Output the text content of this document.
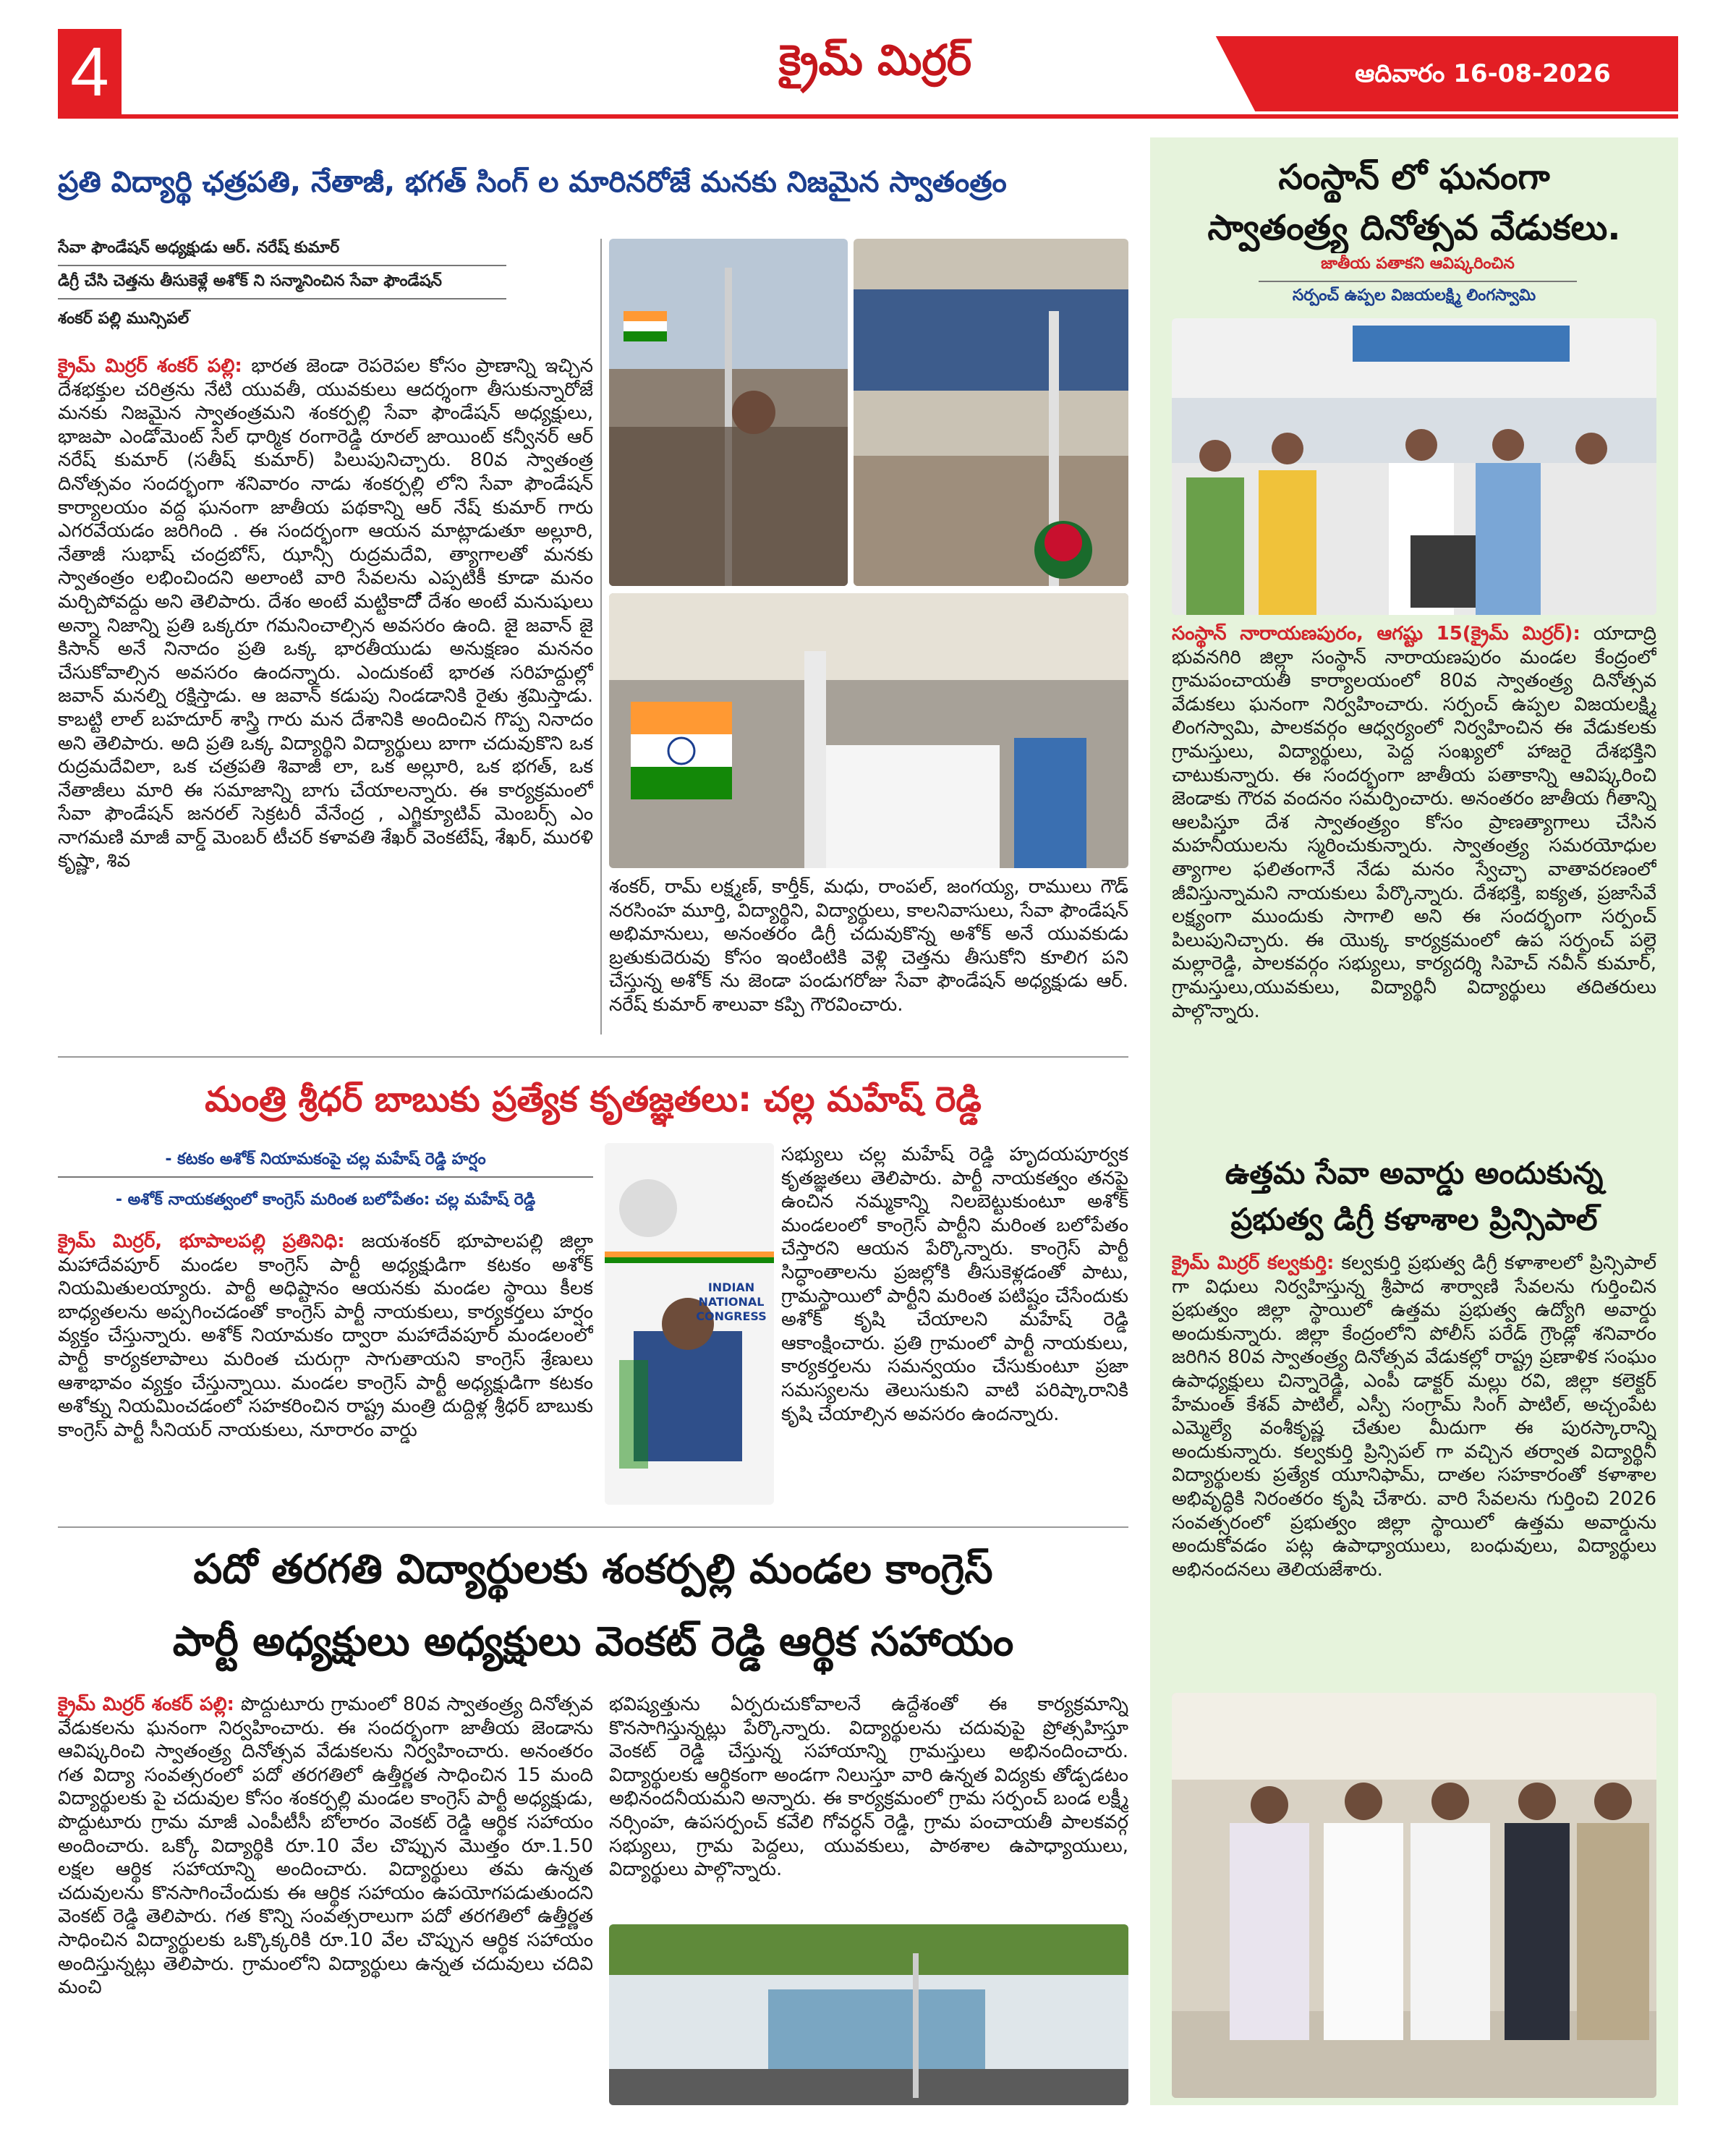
4	క్రైమ్ మిర్రర్	ఆదివారం 16-08-2026
ప్రతి విద్యార్థి ఛత్రపతి, నేతాజీ, భగత్ సింగ్ ల మారినరోజే మనకు నిజమైన స్వాతంత్రం
సేవా ఫౌండేషన్ అధ్యక్షుడు ఆర్. నరేష్ కుమార్
డిగ్రీ చేసి చెత్తను తీసుకెళ్లే అశోక్ ని సన్మానించిన సేవా ఫౌండేషన్
శంకర్ పల్లి మున్సిపల్
క్రైమ్ మిర్రర్ శంకర్ పల్లి: భారత జెండా రెపరెపల కోసం ప్రాణాన్ని ఇచ్చిన దేశభక్తుల చరిత్రను నేటి యువతీ, యువకులు ఆదర్శంగా తీసుకున్నారోజే మనకు నిజమైన స్వాతంత్రమని శంకర్పల్లి సేవా ఫౌండేషన్ అధ్యక్షులు, భాజపా ఎండోమెంట్ సేల్ ధార్మిక రంగారెడ్డి రూరల్ జాయింట్ కన్వీనర్ ఆర్ నరేష్ కుమార్ (సతీష్ కుమార్) పిలుపునిచ్చారు. 80వ స్వాతంత్ర దినోత్సవం సందర్భంగా శనివారం నాడు శంకర్పల్లి లోని సేవా ఫౌండేషన్ కార్యాలయం వద్ద ఘనంగా జాతీయ పథకాన్ని ఆర్ నేష్ కుమార్ గారు ఎగరవేయడం జరిగింది . ఈ సందర్భంగా ఆయన మాట్లాడుతూ అల్లూరి, నేతాజీ సుభాష్ చంద్రబోస్, ఝాన్సీ రుద్రమదేవి, త్యాగాలతో మనకు స్వాతంత్రం లభించిందని అలాంటి వారి సేవలను ఎప్పటికీ కూడా మనం మర్చిపోవద్దు అని తెలిపారు. దేశం అంటే మట్టికాదోే దేశం అంటే మనుషులు అన్నా నిజాన్ని ప్రతి ఒక్కరూ గమనించాల్సిన అవసరం ఉంది. జై జవాన్ జై కిసాన్ అనే నినాదం ప్రతి ఒక్క భారతీయుడు అనుక్షణం మననం చేసుకోవాల్సిన అవసరం ఉందన్నారు. ఎందుకంటే భారత సరిహద్దుల్లో జవాన్ మనల్ని రక్షిస్తాడు. ఆ జవాన్ కడుపు నిండడానికి రైతు శ్రమిస్తాడు. కాబట్టి లాల్ బహదూర్ శాస్త్రి గారు మన దేశానికి అందించిన గొప్ప నినాదం అని తెలిపారు. అది ప్రతి ఒక్క విద్యార్థిని విద్యార్థులు బాగా చదువుకొని ఒక రుద్రమదేవిలా, ఒక చత్రపతి శివాజీ లా, ఒక అల్లూరి, ఒక భగత్, ఒక నేతాజీలు మారి ఈ సమాజాన్ని బాగు చేయాలన్నారు. ఈ కార్యక్రమంలో సేవా ఫౌండేషన్ జనరల్ సెక్రటరీ వేనేంద్ర , ఎగ్జిక్యూటివ్ మెంబర్స్ ఎం నాగమణి మాజీ వార్డ్ మెంబర్ టీచర్ కళావతి శేఖర్ వెంకటేష్, శేఖర్, మురళి కృష్ణా, శివ
శంకర్, రామ్ లక్ష్మణ్, కార్తీక్, మధు, రాంపల్, జంగయ్య, రాములు గౌడ్ నరసింహ మూర్తి, విద్యార్థిని, విద్యార్థులు, కాలనివాసులు, సేవా ఫౌండేషన్ అభిమానులు, అనంతరం డిగ్రీ చదువుకొన్న అశోక్ అనే యువకుడు బ్రతుకుదెరువు కోసం ఇంటింటికి వెళ్లి చెత్తను తీసుకోని కూలిగ పని చేస్తున్న అశోక్ ను జెండా పండుగరోజు సేవా ఫౌండేషన్ అధ్యక్షుడు ఆర్. నరేష్ కుమార్ శాలువా కప్పి గౌరవించారు.
మంత్రి శ్రీధర్ బాబుకు ప్రత్యేక కృతజ్ఞతలు: చల్ల మహేష్ రెడ్డి
- కటకం అశోక్ నియామకంపై చల్ల మహేష్ రెడ్డి హర్షం
- అశోక్ నాయకత్వంలో కాంగ్రెస్ మరింత బలోపేతం: చల్ల మహేష్ రెడ్డి
క్రైమ్ మిర్రర్, భూపాలపల్లి ప్రతినిధి: జయశంకర్ భూపాలపల్లి జిల్లా మహాదేవపూర్ మండల కాంగ్రెస్ పార్టీ అధ్యక్షుడిగా కటకం అశోక్ నియమితులయ్యారు. పార్టీ అధిష్టానం ఆయనకు మండల స్థాయి కీలక బాధ్యతలను అప్పగించడంతో కాంగ్రెస్ పార్టీ నాయకులు, కార్యకర్తలు హర్షం వ్యక్తం చేస్తున్నారు. అశోక్ నియామకం ద్వారా మహాదేవపూర్ మండలంలో పార్టీ కార్యకలాపాలు మరింత చురుగ్గా సాగుతాయని కాంగ్రెస్ శ్రేణులు ఆశాభావం వ్యక్తం చేస్తున్నాయి. మండల కాంగ్రెస్ పార్టీ అధ్యక్షుడిగా కటకం అశోక్ను నియమించడంలో సహకరించిన రాష్ట్ర మంత్రి దుద్దిళ్ల శ్రీధర్ బాబుకు కాంగ్రెస్ పార్టీ సీనియర్ నాయకులు, నూరారం వార్డు
INDIAN NATIONAL CONGRESS
సభ్యులు చల్ల మహేష్ రెడ్డి హృదయపూర్వక కృతజ్ఞతలు తెలిపారు. పార్టీ నాయకత్వం తనపై ఉంచిన నమ్మకాన్ని నిలబెట్టుకుంటూ అశోక్ మండలంలో కాంగ్రెస్ పార్టీని మరింత బలోపేతం చేస్తారని ఆయన పేర్కొన్నారు. కాంగ్రెస్ పార్టీ సిద్ధాంతాలను ప్రజల్లోకి తీసుకెళ్లడంతో పాటు, గ్రామస్థాయిలో పార్టీని మరింత పటిష్టం చేసేందుకు అశోక్ కృషి చేయాలని మహేష్ రెడ్డి ఆకాంక్షించారు. ప్రతి గ్రామంలో పార్టీ నాయకులు, కార్యకర్తలను సమన్వయం చేసుకుంటూ ప్రజా సమస్యలను తెలుసుకుని వాటి పరిష్కారానికి కృషి చేయాల్సిన అవసరం ఉందన్నారు.
పదో తరగతి విద్యార్థులకు శంకర్పల్లి మండల కాంగ్రెస్
పార్టీ అధ్యక్షులు అధ్యక్షులు వెంకట్ రెడ్డి ఆర్థిక సహాయం
క్రైమ్ మిర్రర్ శంకర్ పల్లి: పొద్దుటూరు గ్రామంలో 80వ స్వాతంత్ర్య దినోత్సవ వేడుకలను ఘనంగా నిర్వహించారు. ఈ సందర్భంగా జాతీయ జెండాను ఆవిష్కరించి స్వాతంత్ర్య దినోత్సవ వేడుకలను నిర్వహించారు. అనంతరం గత విద్యా సంవత్సరంలో పదో తరగతిలో ఉత్తీర్ణత సాధించిన 15 మంది విద్యార్థులకు పై చదువుల కోసం శంకర్పల్లి మండల కాంగ్రెస్ పార్టీ అధ్యక్షుడు, పొద్దుటూరు గ్రామ మాజీ ఎంపీటీసీ బోలారం వెంకట్ రెడ్డి ఆర్థిక సహాయం అందించారు. ఒక్కో విద్యార్థికి రూ.10 వేల చొప్పున మొత్తం రూ.1.50 లక్షల ఆర్థిక సహాయాన్ని అందించారు. విద్యార్థులు తమ ఉన్నత చదువులను కొనసాగించేందుకు ఈ ఆర్థిక సహాయం ఉపయోగపడుతుందని వెంకట్ రెడ్డి తెలిపారు. గత కొన్ని సంవత్సరాలుగా పదో తరగతిలో ఉత్తీర్ణత సాధించిన విద్యార్థులకు ఒక్కొక్కరికి రూ.10 వేల చొప్పున ఆర్థిక సహాయం అందిస్తున్నట్లు తెలిపారు. గ్రామంలోని విద్యార్థులు ఉన్నత చదువులు చదివి మంచి
భవిష్యత్తును ఏర్పరుచుకోవాలనే ఉద్దేశంతో ఈ కార్యక్రమాన్ని కొనసాగిస్తున్నట్లు పేర్కొన్నారు. విద్యార్థులను చదువుపై ప్రోత్సహిస్తూ వెంకట్ రెడ్డి చేస్తున్న సహాయాన్ని గ్రామస్తులు అభినందించారు. విద్యార్థులకు ఆర్థికంగా అండగా నిలుస్తూ వారి ఉన్నత విద్యకు తోడ్పడటం అభినందనీయమని అన్నారు. ఈ కార్యక్రమంలో గ్రామ సర్పంచ్ బండ లక్ష్మీ నర్సింహ, ఉపసర్పంచ్ కవేలి గోవర్ధన్ రెడ్డి, గ్రామ పంచాయతీ పాలకవర్గ సభ్యులు, గ్రామ పెద్దలు, యువకులు, పాఠశాల ఉపాధ్యాయులు, విద్యార్థులు పాల్గొన్నారు.
సంస్థాన్ లో ఘనంగా
స్వాతంత్ర్య దినోత్సవ వేడుకలు.
జాతీయ పతాకని ఆవిష్కరించిన
సర్పంచ్ ఉప్పల విజయలక్ష్మి లింగస్వామి
సంస్థాన్ నారాయణపురం, ఆగష్టు 15(క్రైమ్ మిర్రర్): యాదాద్రి భువనగిరి జిల్లా సంస్థాన్ నారాయణపురం మండల కేంద్రంలో గ్రామపంచాయతీ కార్యాలయంలో 80వ స్వాతంత్ర్య దినోత్సవ వేడుకలు ఘనంగా నిర్వహించారు. సర్పంచ్ ఉప్పల విజయలక్ష్మి లింగస్వామి, పాలకవర్గం ఆధ్వర్యంలో నిర్వహించిన ఈ వేడుకలకు గ్రామస్తులు, విద్యార్థులు, పెద్ద సంఖ్యలో హాజరై దేశభక్తిని చాటుకున్నారు. ఈ సందర్భంగా జాతీయ పతాకాన్ని ఆవిష్కరించి జెండాకు గౌరవ వందనం సమర్పించారు. అనంతరం జాతీయ గీతాన్ని ఆలపిస్తూ దేశ స్వాతంత్ర్యం కోసం ప్రాణత్యాగాలు చేసిన మహనీయులను స్మరించుకున్నారు. స్వాతంత్ర్య సమరయోధుల త్యాగాల ఫలితంగానే నేడు మనం స్వేచ్ఛా వాతావరణంలో జీవిస్తున్నామని నాయకులు పేర్కొన్నారు. దేశభక్తి, ఐక్యత, ప్రజాసేవే లక్ష్యంగా ముందుకు సాగాలి అని ఈ సందర్భంగా సర్పంచ్ పిలుపునిచ్చారు. ఈ యొక్క కార్యక్రమంలో ఉప సర్పంచ్ పల్లె మల్లారెడ్డి, పాలకవర్గం సభ్యులు, కార్యదర్శి సిహెచ్ నవీన్ కుమార్, గ్రామస్తులు,యువకులు, విద్యార్థినీ విద్యార్థులు తదితరులు పాల్గొన్నారు.
ఉత్తమ సేవా అవార్డు అందుకున్న
ప్రభుత్వ డిగ్రీ కళాశాల ప్రిన్సిపాల్
క్రైమ్ మిర్రర్ కల్వకుర్తి: కల్వకుర్తి ప్రభుత్వ డిగ్రీ కళాశాలలో ప్రిన్సిపాల్ గా విధులు నిర్వహిస్తున్న శ్రీపాద శార్వాణి సేవలను గుర్తించిన ప్రభుత్వం జిల్లా స్థాయిలో ఉత్తమ ప్రభుత్వ ఉద్యోగి అవార్డు అందుకున్నారు. జిల్లా కేంద్రంలోని పోలీస్ పరేడ్ గ్రౌండ్లో శనివారం జరిగిన 80వ స్వాతంత్ర్య దినోత్సవ వేడుకల్లో రాష్ట్ర ప్రణాళిక సంఘం ఉపాధ్యక్షులు చిన్నారెడ్డి, ఎంపీ డాక్టర్ మల్లు రవి, జిల్లా కలెక్టర్ హేమంత్ కేశవ్ పాటిల్, ఎస్పీ సంగ్రామ్ సింగ్ పాటిల్, అచ్చంపేట ఎమ్మెల్యే వంశీకృష్ణ చేతుల మీదుగా ఈ పురస్కారాన్ని అందుకున్నారు. కల్వకుర్తి ప్రిన్సిపల్ గా వచ్చిన తర్వాత విద్యార్థినీ విద్యార్థులకు ప్రత్యేక యూనిఫామ్, దాతల సహకారంతో కళాశాల అభివృద్ధికి నిరంతరం కృషి చేశారు. వారి సేవలను గుర్తించి 2026 సంవత్సరంలో ప్రభుత్వం జిల్లా స్థాయిలో ఉత్తమ అవార్డును అందుకోవడం పట్ల ఉపాధ్యాయులు, బంధువులు, విద్యార్థులు అభినందనలు తెలియజేశారు.
